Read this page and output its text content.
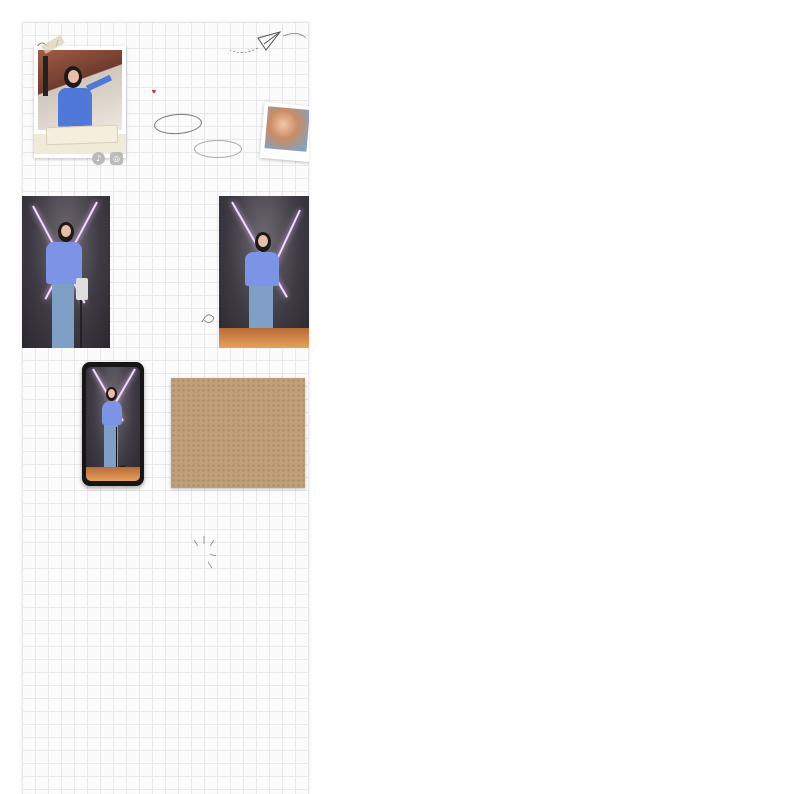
♪	◎
♥
